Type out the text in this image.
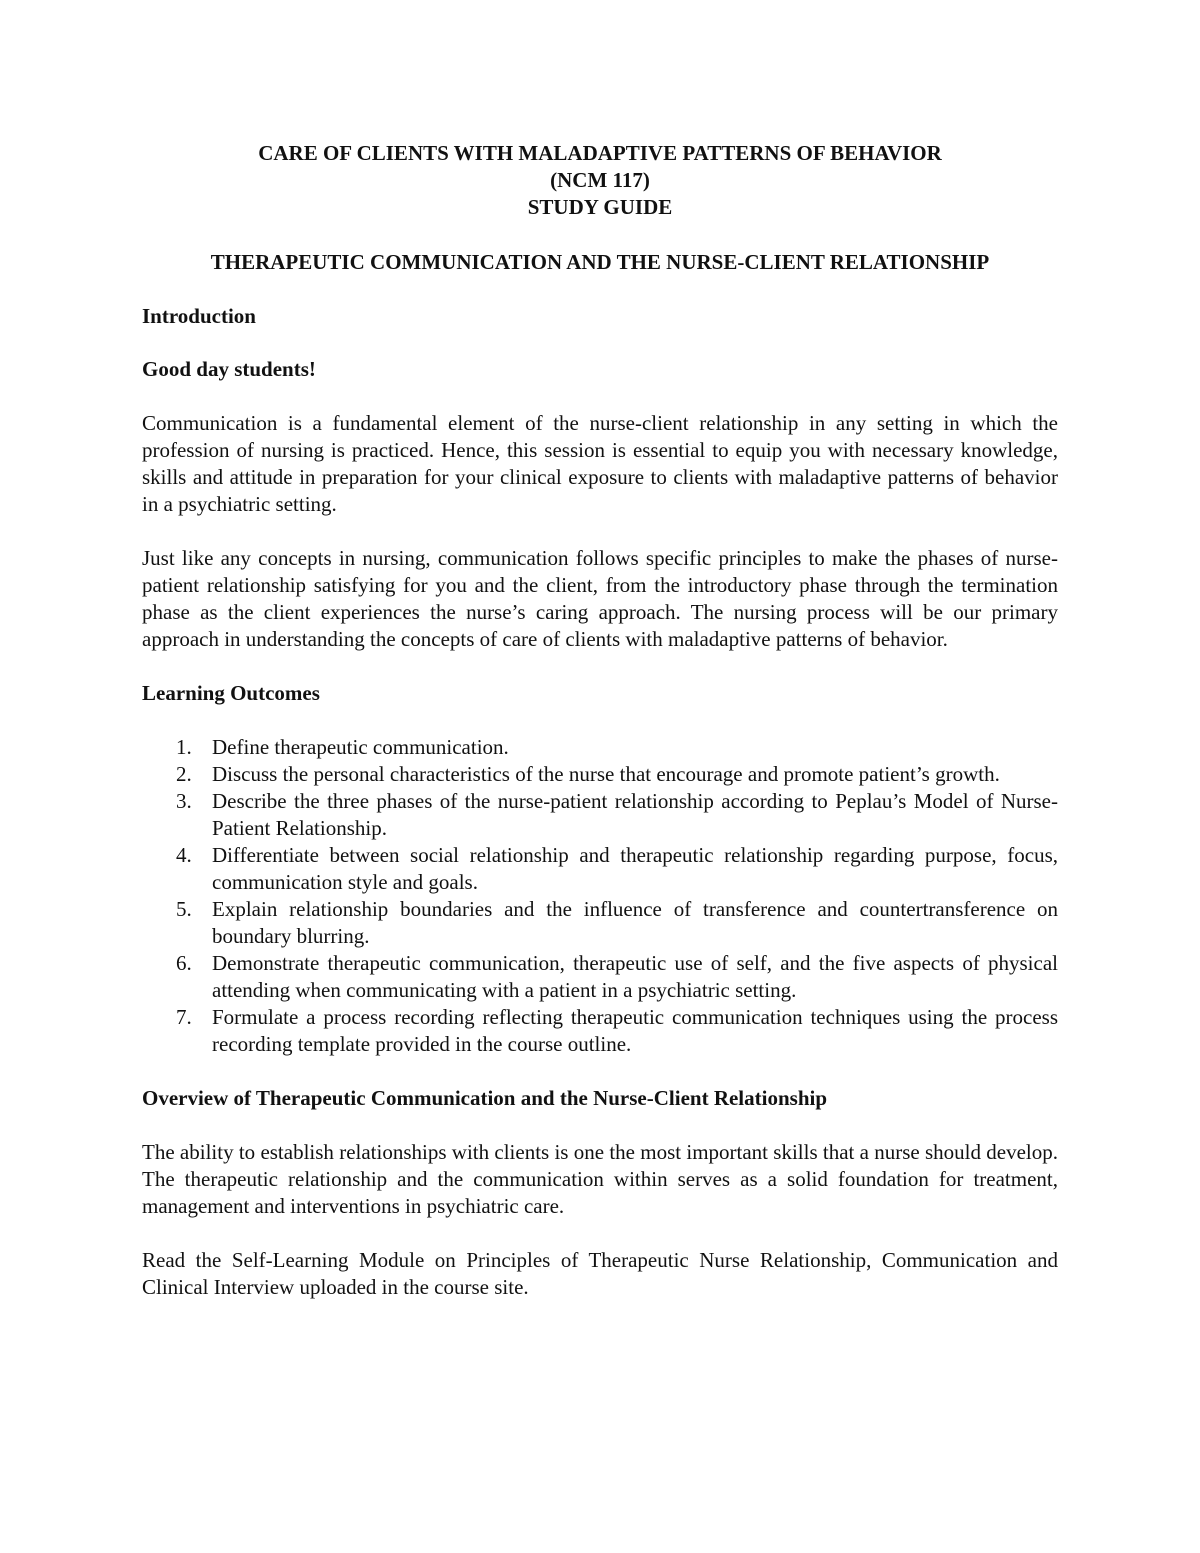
CARE OF CLIENTS WITH MALADAPTIVE PATTERNS OF BEHAVIOR
(NCM 117)
STUDY GUIDE
THERAPEUTIC COMMUNICATION AND THE NURSE-CLIENT RELATIONSHIP
Introduction
Good day students!

Communication is a fundamental element of the nurse-client relationship in any setting in which the profession of nursing is practiced. Hence, this session is essential to equip you with necessary knowledge, skills and attitude in preparation for your clinical exposure to clients with maladaptive patterns of behavior in a psychiatric setting.

Just like any concepts in nursing, communication follows specific principles to make the phases of nurse-patient relationship satisfying for you and the client, from the introductory phase through the termination phase as the client experiences the nurse’s caring approach. The nursing process will be our primary approach in understanding the concepts of care of clients with maladaptive patterns of behavior.

Learning Outcomes
1. Define therapeutic communication.
2. Discuss the personal characteristics of the nurse that encourage and promote patient’s growth.
3. Describe the three phases of the nurse-patient relationship according to Peplau’s Model of Nurse-Patient Relationship.
4. Differentiate between social relationship and therapeutic relationship regarding purpose, focus, communication style and goals.
5. Explain relationship boundaries and the influence of transference and countertransference on boundary blurring.
6. Demonstrate therapeutic communication, therapeutic use of self, and the five aspects of physical attending when communicating with a patient in a psychiatric setting.
7. Formulate a process recording reflecting therapeutic communication techniques using the process recording template provided in the course outline.
Overview of Therapeutic Communication and the Nurse-Client Relationship

The ability to establish relationships with clients is one the most important skills that a nurse should develop. The therapeutic relationship and the communication within serves as a solid foundation for treatment, management and interventions in psychiatric care.

Read the Self-Learning Module on Principles of Therapeutic Nurse Relationship, Communication and Clinical Interview uploaded in the course site.
